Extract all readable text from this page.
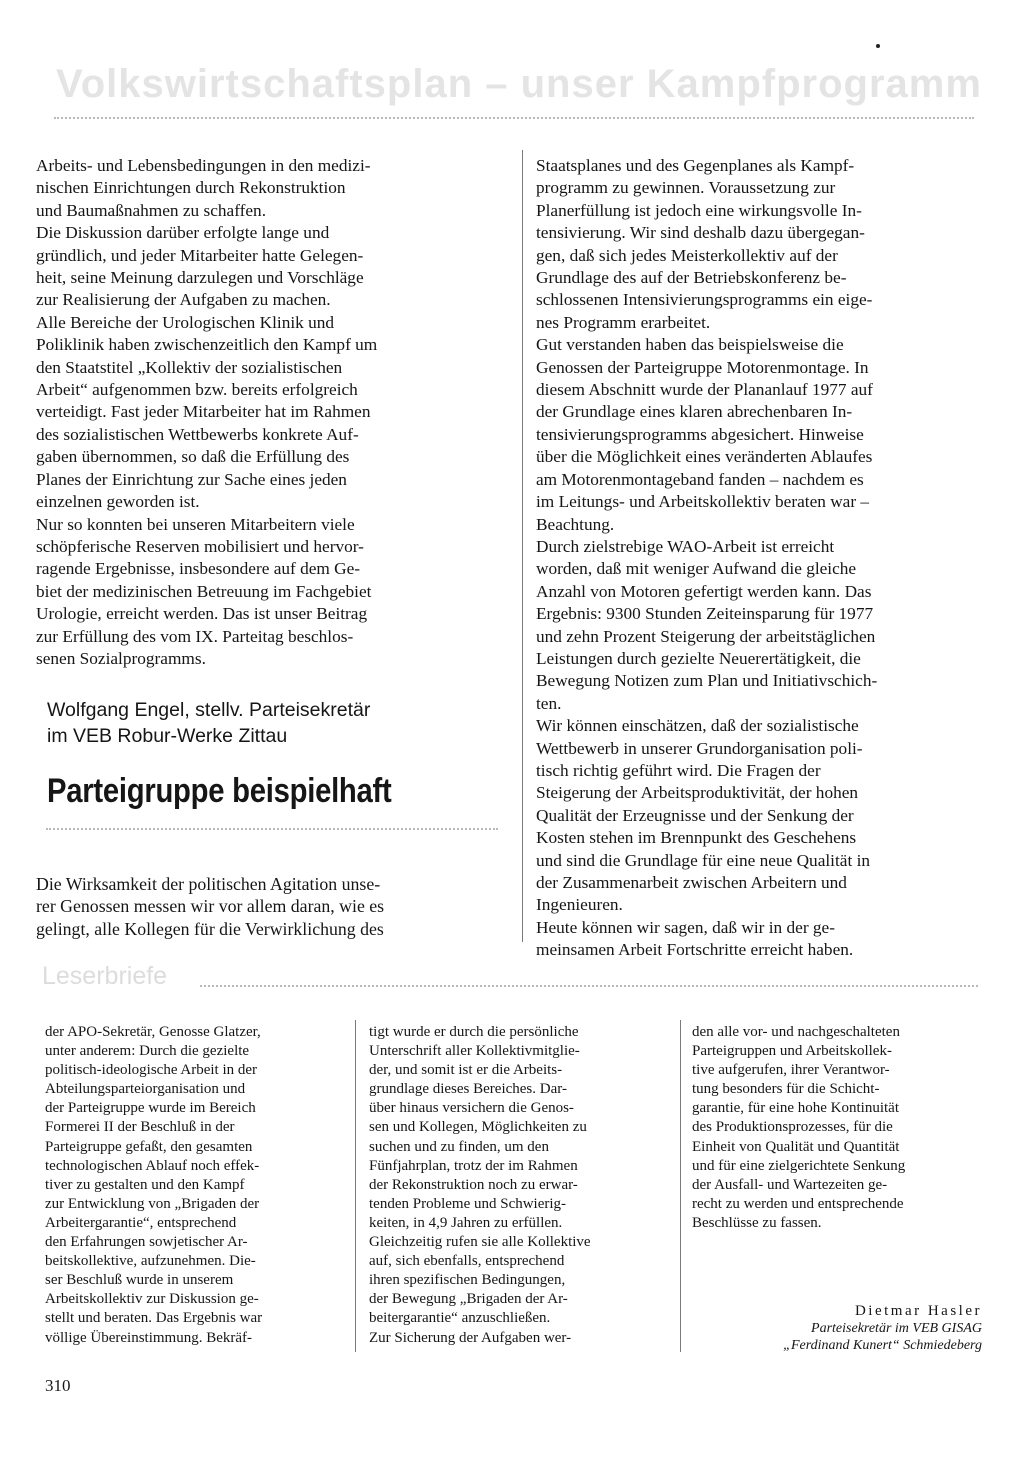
Volkswirtschaftsplan – unser Kampfprogramm
Arbeits- und Lebensbedingungen in den medizi-
nischen Einrichtungen durch Rekonstruktion
und Baumaßnahmen zu schaffen.
Die Diskussion darüber erfolgte lange und
gründlich, und jeder Mitarbeiter hatte Gelegen-
heit, seine Meinung darzulegen und Vorschläge
zur Realisierung der Aufgaben zu machen.
Alle Bereiche der Urologischen Klinik und
Poliklinik haben zwischenzeitlich den Kampf um
den Staatstitel „Kollektiv der sozialistischen
Arbeit“ aufgenommen bzw. bereits erfolgreich
verteidigt. Fast jeder Mitarbeiter hat im Rahmen
des sozialistischen Wettbewerbs konkrete Auf-
gaben übernommen, so daß die Erfüllung des
Planes der Einrichtung zur Sache eines jeden
einzelnen geworden ist.
Nur so konnten bei unseren Mitarbeitern viele
schöpferische Reserven mobilisiert und hervor-
ragende Ergebnisse, insbesondere auf dem Ge-
biet der medizinischen Betreuung im Fachgebiet
Urologie, erreicht werden. Das ist unser Beitrag
zur Erfüllung des vom IX. Parteitag beschlos-
senen Sozialprogramms.
Wolfgang Engel, stellv. Parteisekretär
im VEB Robur-Werke Zittau
Parteigruppe beispielhaft
Die Wirksamkeit der politischen Agitation unse-
rer Genossen messen wir vor allem daran, wie es
gelingt, alle Kollegen für die Verwirklichung des
Staatsplanes und des Gegenplanes als Kampf-
programm zu gewinnen. Voraussetzung zur
Planerfüllung ist jedoch eine wirkungsvolle In-
tensivierung. Wir sind deshalb dazu übergegan-
gen, daß sich jedes Meisterkollektiv auf der
Grundlage des auf der Betriebskonferenz be-
schlossenen Intensivierungsprogramms ein eige-
nes Programm erarbeitet.
Gut verstanden haben das beispielsweise die
Genossen der Parteigruppe Motorenmontage. In
diesem Abschnitt wurde der Plananlauf 1977 auf
der Grundlage eines klaren abrechenbaren In-
tensivierungsprogramms abgesichert. Hinweise
über die Möglichkeit eines veränderten Ablaufes
am Motorenmontageband fanden – nachdem es
im Leitungs- und Arbeitskollektiv beraten war –
Beachtung.
Durch zielstrebige WAO-Arbeit ist erreicht
worden, daß mit weniger Aufwand die gleiche
Anzahl von Motoren gefertigt werden kann. Das
Ergebnis: 9300 Stunden Zeiteinsparung für 1977
und zehn Prozent Steigerung der arbeitstäglichen
Leistungen durch gezielte Neuerertätigkeit, die
Bewegung Notizen zum Plan und Initiativschich-
ten.
Wir können einschätzen, daß der sozialistische
Wettbewerb in unserer Grundorganisation poli-
tisch richtig geführt wird. Die Fragen der
Steigerung der Arbeitsproduktivität, der hohen
Qualität der Erzeugnisse und der Senkung der
Kosten stehen im Brennpunkt des Geschehens
und sind die Grundlage für eine neue Qualität in
der Zusammenarbeit zwischen Arbeitern und
Ingenieuren.
Heute können wir sagen, daß wir in der ge-
meinsamen Arbeit Fortschritte erreicht haben.
Leserbriefe
der APO-Sekretär, Genosse Glatzer,
unter anderem: Durch die gezielte
politisch-ideologische Arbeit in der
Abteilungsparteiorganisation und
der Parteigruppe wurde im Bereich
Formerei II der Beschluß in der
Parteigruppe gefaßt, den gesamten
technologischen Ablauf noch effek-
tiver zu gestalten und den Kampf
zur Entwicklung von „Brigaden der
Arbeitergarantie“, entsprechend
den Erfahrungen sowjetischer Ar-
beitskollektive, aufzunehmen. Die-
ser Beschluß wurde in unserem
Arbeitskollektiv zur Diskussion ge-
stellt und beraten. Das Ergebnis war
völlige Übereinstimmung. Bekräf-
tigt wurde er durch die persönliche
Unterschrift aller Kollektivmitglie-
der, und somit ist er die Arbeits-
grundlage dieses Bereiches. Dar-
über hinaus versichern die Genos-
sen und Kollegen, Möglichkeiten zu
suchen und zu finden, um den
Fünfjahrplan, trotz der im Rahmen
der Rekonstruktion noch zu erwar-
tenden Probleme und Schwierig-
keiten, in 4,9 Jahren zu erfüllen.
Gleichzeitig rufen sie alle Kollektive
auf, sich ebenfalls, entsprechend
ihren spezifischen Bedingungen,
der Bewegung „Brigaden der Ar-
beitergarantie“ anzuschließen.
Zur Sicherung der Aufgaben wer-
den alle vor- und nachgeschalteten
Parteigruppen und Arbeitskollek-
tive aufgerufen, ihrer Verantwor-
tung besonders für die Schicht-
garantie, für eine hohe Kontinuität
des Produktionsprozesses, für die
Einheit von Qualität und Quantität
und für eine zielgerichtete Senkung
der Ausfall- und Wartezeiten ge-
recht zu werden und entsprechende
Beschlüsse zu fassen.
Dietmar Hasler
Parteisekretär im VEB GISAG
„Ferdinand Kunert“ Schmiedeberg
310
